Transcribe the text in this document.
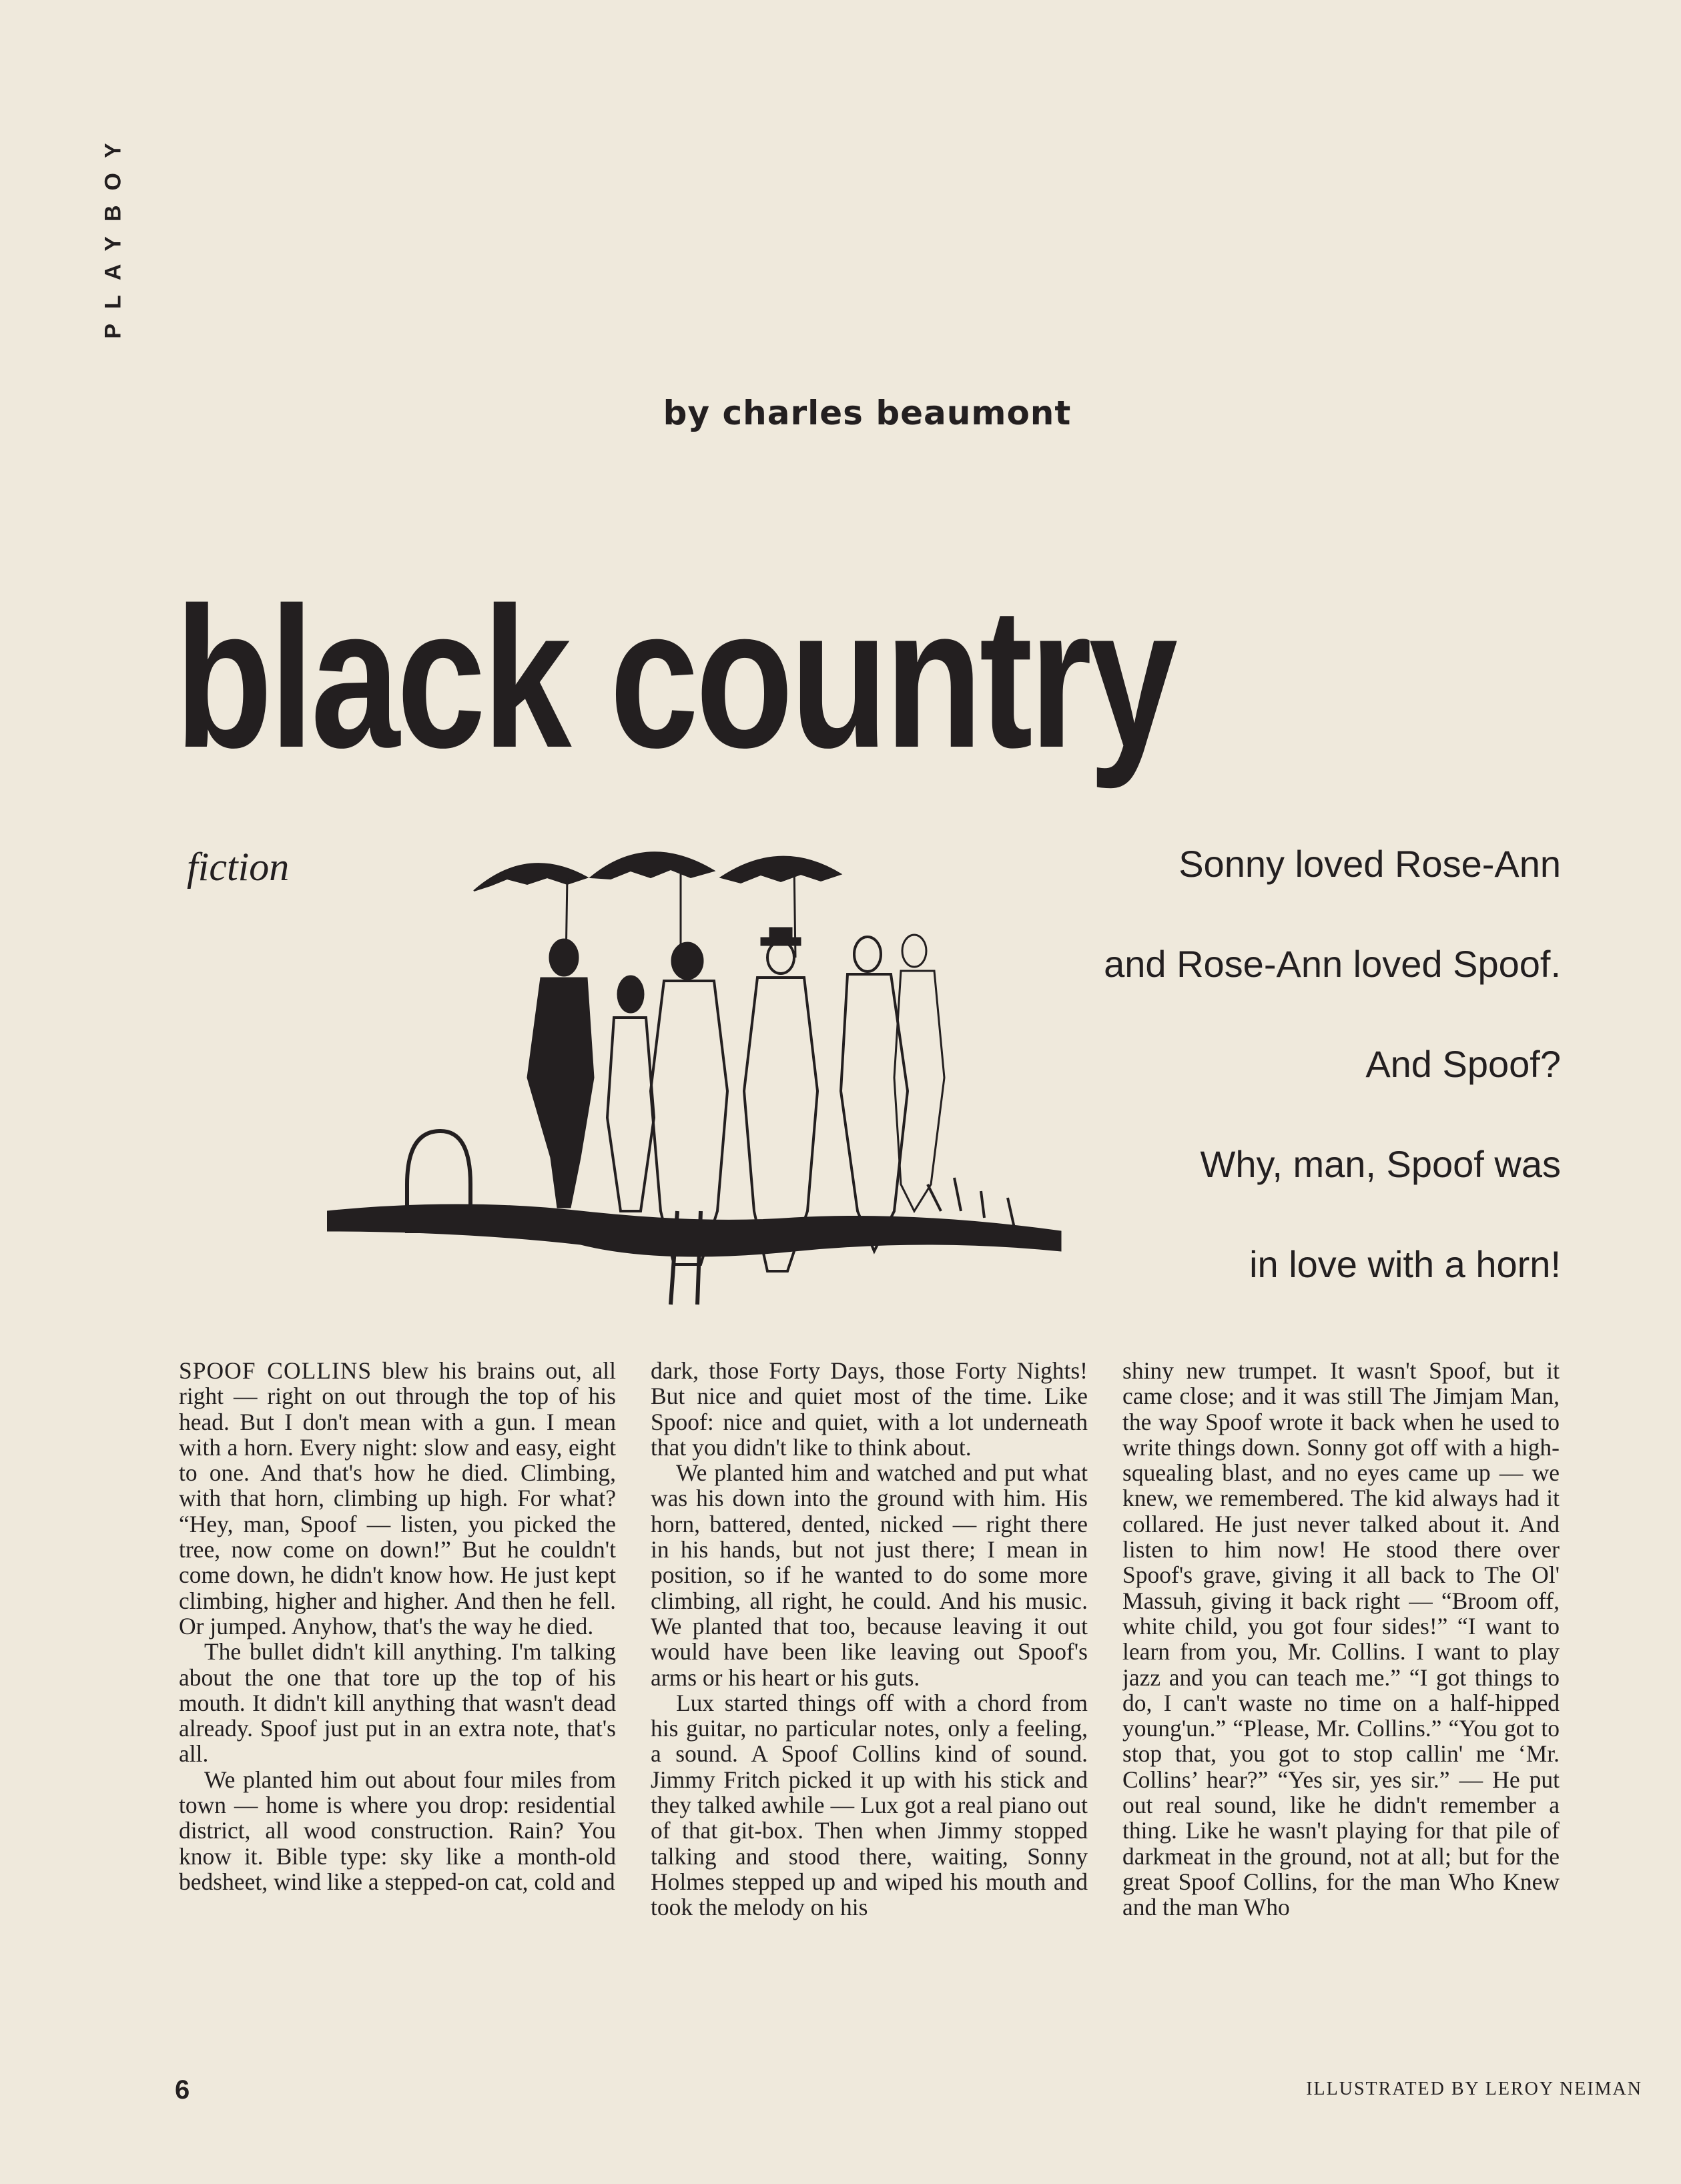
PLAYBOY
by charles beaumont
black country
fiction	Sonny loved Rose-Ann
and Rose-Ann loved Spoof.
And Spoof?
Why, man, Spoof was
in love with a horn!

SPOOF COLLINS blew his brains out, all right — right on out through the top of his head. But I don't mean with a gun. I mean with a horn. Every night: slow and easy, eight to one. And that's how he died. Climbing, with that horn, climbing up high. For what? “Hey, man, Spoof — listen, you picked the tree, now come on down!” But he couldn't come down, he didn't know how. He just kept climbing, higher and higher. And then he fell. Or jumped. Anyhow, that's the way he died.

The bullet didn't kill anything. I'm talking about the one that tore up the top of his mouth. It didn't kill anything that wasn't dead already. Spoof just put in an extra note, that's all.

We planted him out about four miles from town — home is where you drop: residential district, all wood construction. Rain? You know it. Bible type: sky like a month-old bedsheet, wind like a stepped-on cat, cold and

dark, those Forty Days, those Forty Nights! But nice and quiet most of the time. Like Spoof: nice and quiet, with a lot underneath that you didn't like to think about.

We planted him and watched and put what was his down into the ground with him. His horn, battered, dented, nicked — right there in his hands, but not just there; I mean in position, so if he wanted to do some more climbing, all right, he could. And his music. We planted that too, because leaving it out would have been like leaving out Spoof's arms or his heart or his guts.

Lux started things off with a chord from his guitar, no particular notes, only a feeling, a sound. A Spoof Collins kind of sound. Jimmy Fritch picked it up with his stick and they talked awhile — Lux got a real piano out of that git-box. Then when Jimmy stopped talking and stood there, waiting, Sonny Holmes stepped up and wiped his mouth and took the melody on his

shiny new trumpet. It wasn't Spoof, but it came close; and it was still The Jimjam Man, the way Spoof wrote it back when he used to write things down. Sonny got off with a high-squealing blast, and no eyes came up — we knew, we remembered. The kid always had it collared. He just never talked about it. And listen to him now! He stood there over Spoof's grave, giving it all back to The Ol' Massuh, giving it back right — “Broom off, white child, you got four sides!” “I want to learn from you, Mr. Collins. I want to play jazz and you can teach me.” “I got things to do, I can't waste no time on a half-hipped young'un.” “Please, Mr. Collins.” “You got to stop that, you got to stop callin' me ‘Mr. Collins’ hear?” “Yes sir, yes sir.” — He put out real sound, like he didn't remember a thing. Like he wasn't playing for that pile of darkmeat in the ground, not at all; but for the great Spoof Collins, for the man Who Knew and the man Who

6	ILLUSTRATED BY LEROY NEIMAN
